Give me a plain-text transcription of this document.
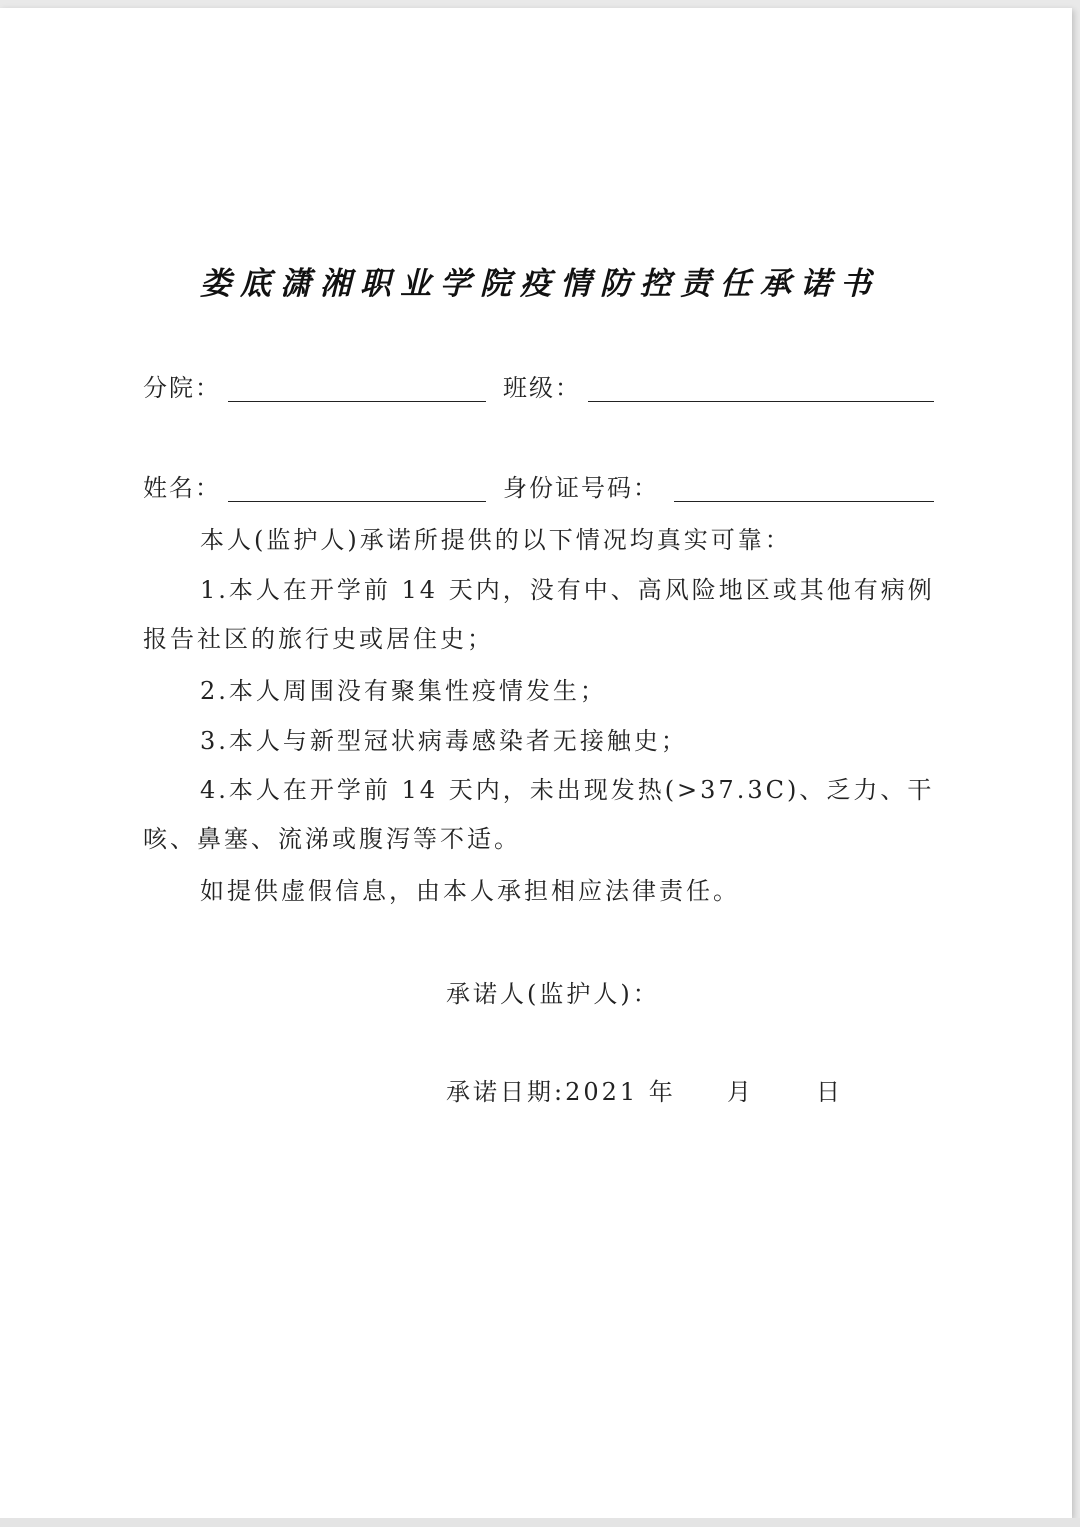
娄底潇湘职业学院疫情防控责任承诺书
分院：	班级：
姓名：	身份证号码：

本人(监护人)承诺所提供的以下情况均真实可靠：

1.本人在开学前 14 天内，没有中、高风险地区或其他有病例报告社区的旅行史或居住史；

2.本人周围没有聚集性疫情发生；

3.本人与新型冠状病毒感染者无接触史；

4.本人在开学前 14 天内，未出现发热(>37.3C)、乏力、干咳、鼻塞、流涕或腹泻等不适。

如提供虚假信息，由本人承担相应法律责任。

承诺人(监护人)：
承诺日期:2021 年 月	日
